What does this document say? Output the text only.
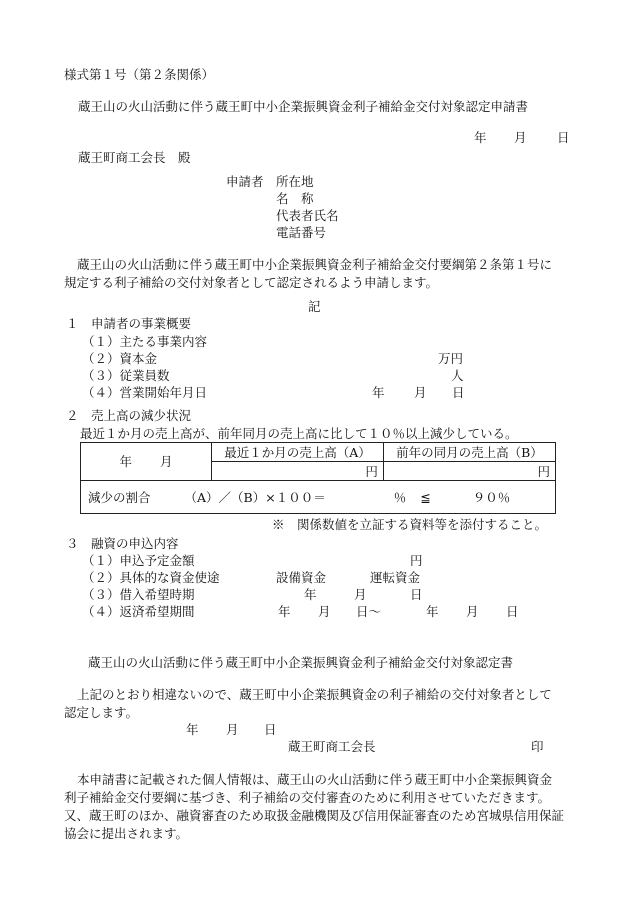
様式第１号（第２条関係）
蔵王山の火山活動に伴う蔵王町中小企業振興資金利子補給金交付対象認定申請書
年 月 日
蔵王町商工会長　殿
申請者 所在地
名　称
代表者氏名
電話番号
蔵王山の火山活動に伴う蔵王町中小企業振興資金利子補給金交付要綱第２条第１号に規定する利子補給の交付対象者として認定されるよう申請します。
記
１　申請者の事業概要
（１）主たる事業内容
（２）資本金	万円
（３）従業員数	人
（４）営業開始年月日	年 月 日
２　売上高の減少状況
最近１か月の売上高が、前年同月の売上高に比して１０％以上減少している。
年 月	最近１か月の売上高（A）	前年の同月の売上高（B）
	円	円

減少の割合 （A）／（B）×１００＝ ％ ≦ ９０％		
※　関係数値を立証する資料等を添付すること。
３　融資の申込内容
（１）申込予定金額	円
（２）具体的な資金使途	設備資金	運転資金
（３）借入希望時期	年	月	日
（４）返済希望期間	年 月 日～	年 月 日
蔵王山の火山活動に伴う蔵王町中小企業振興資金利子補給金交付対象認定書
上記のとおり相違ないので、蔵王町中小企業振興資金の利子補給の交付対象者として認定します。
年 月 日
蔵王町商工会長	印
本申請書に記載された個人情報は、蔵王山の火山活動に伴う蔵王町中小企業振興資金利子補給金交付要綱に基づき、利子補給の交付審査のために利用させていただきます。又、蔵王町のほか、融資審査のため取扱金融機関及び信用保証審査のため宮城県信用保証協会に提出されます。
